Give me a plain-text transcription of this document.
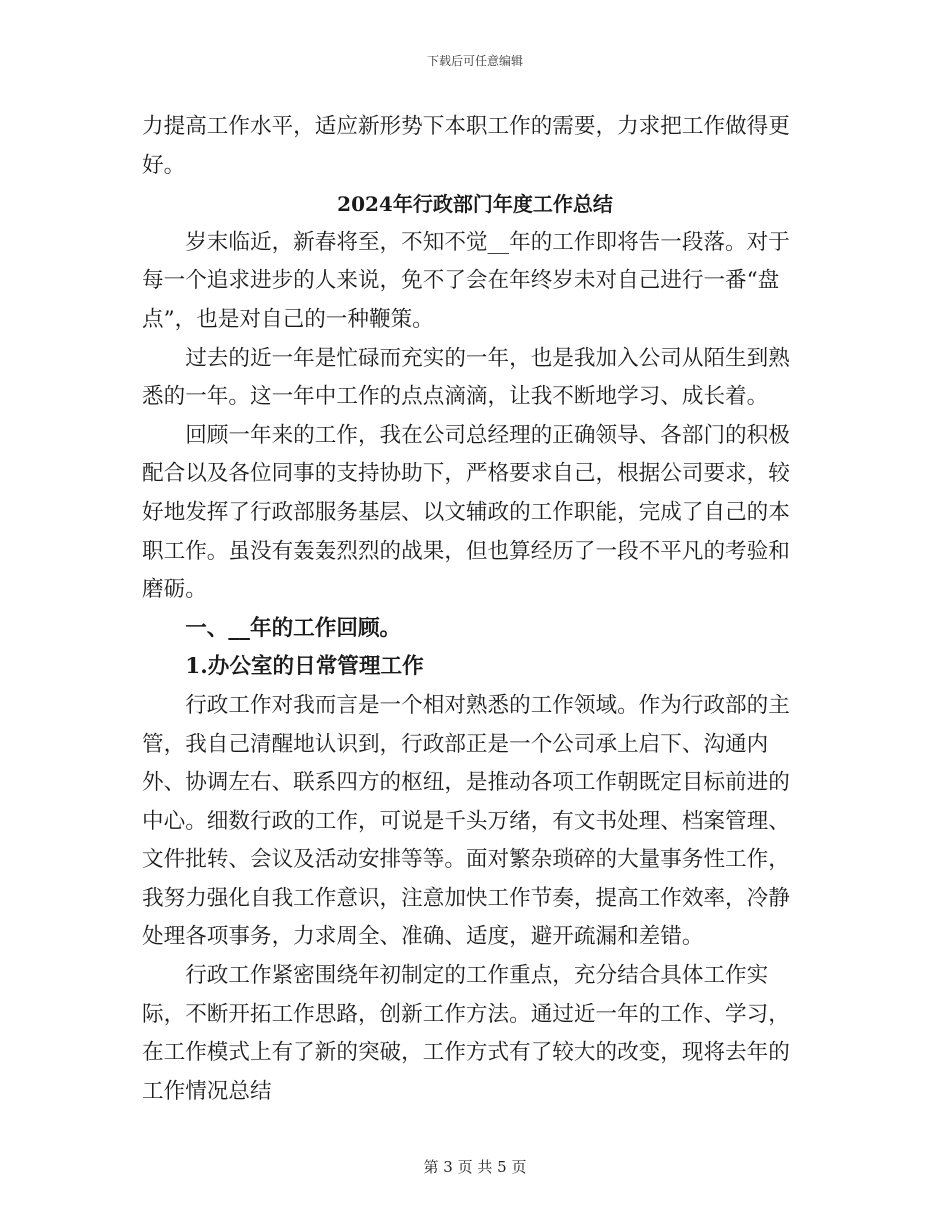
下载后可任意编辑

力提高工作水平，适应新形势下本职工作的需要，力求把工作做得更好。

2024年行政部门年度工作总结

岁末临近，新春将至，不知不觉__年的工作即将告一段落。对于每一个追求进步的人来说，免不了会在年终岁未对自己进行一番“盘点”，也是对自己的一种鞭策。

过去的近一年是忙碌而充实的一年，也是我加入公司从陌生到熟悉的一年。这一年中工作的点点滴滴，让我不断地学习、成长着。

回顾一年来的工作，我在公司总经理的正确领导、各部门的积极配合以及各位同事的支持协助下，严格要求自己，根据公司要求，较好地发挥了行政部服务基层、以文辅政的工作职能，完成了自己的本职工作。虽没有轰轰烈烈的战果，但也算经历了一段不平凡的考验和磨砺。

一、__年的工作回顾。

1.办公室的日常管理工作

行政工作对我而言是一个相对熟悉的工作领域。作为行政部的主管，我自己清醒地认识到，行政部正是一个公司承上启下、沟通内外、协调左右、联系四方的枢纽，是推动各项工作朝既定目标前进的中心。细数行政的工作，可说是千头万绪，有文书处理、档案管理、文件批转、会议及活动安排等等。面对繁杂琐碎的大量事务性工作，我努力强化自我工作意识，注意加快工作节奏，提高工作效率，冷静处理各项事务，力求周全、准确、适度，避开疏漏和差错。

行政工作紧密围绕年初制定的工作重点，充分结合具体工作实际，不断开拓工作思路，创新工作方法。通过近一年的工作、学习，在工作模式上有了新的突破，工作方式有了较大的改变，现将去年的工作情况总结

第 3 页 共 5 页
